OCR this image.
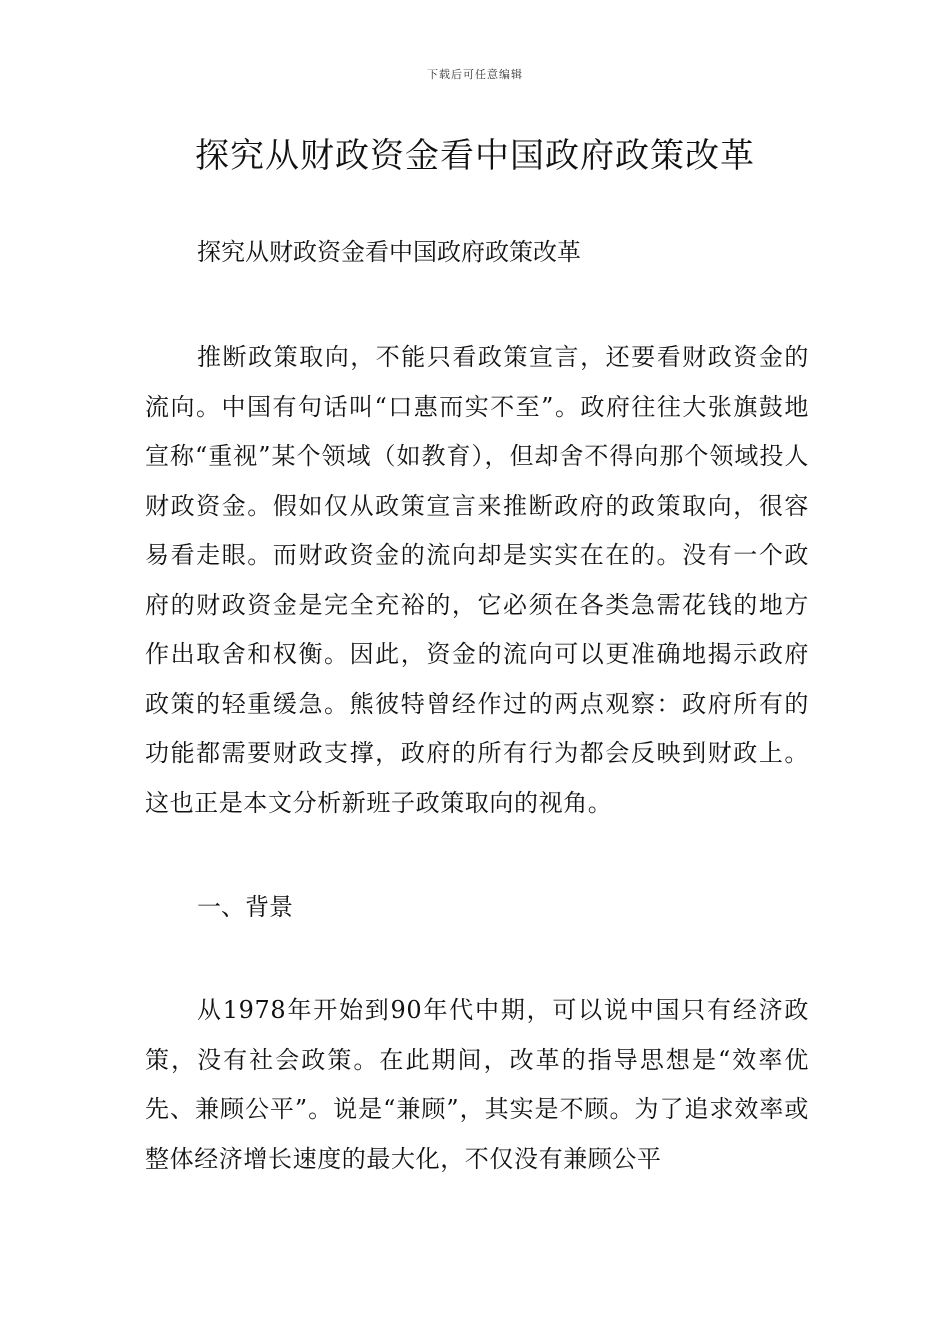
下载后可任意编辑
探究从财政资金看中国政府政策改革

探究从财政资金看中国政府政策改革

推断政策取向，不能只看政策宣言，还要看财政资金的流向。中国有句话叫“口惠而实不至”。政府往往大张旗鼓地宣称“重视”某个领域（如教育），但却舍不得向那个领域投人财政资金。假如仅从政策宣言来推断政府的政策取向，很容易看走眼。而财政资金的流向却是实实在在的。没有一个政府的财政资金是完全充裕的，它必须在各类急需花钱的地方作出取舍和权衡。因此，资金的流向可以更准确地揭示政府政策的轻重缓急。熊彼特曾经作过的两点观察：政府所有的功能都需要财政支撑，政府的所有行为都会反映到财政上。这也正是本文分析新班子政策取向的视角。

一、背景

从1978年开始到90年代中期，可以说中国只有经济政策，没有社会政策。在此期间，改革的指导思想是“效率优先、兼顾公平”。说是“兼顾”，其实是不顾。为了追求效率或整体经济增长速度的最大化，不仅没有兼顾公平
